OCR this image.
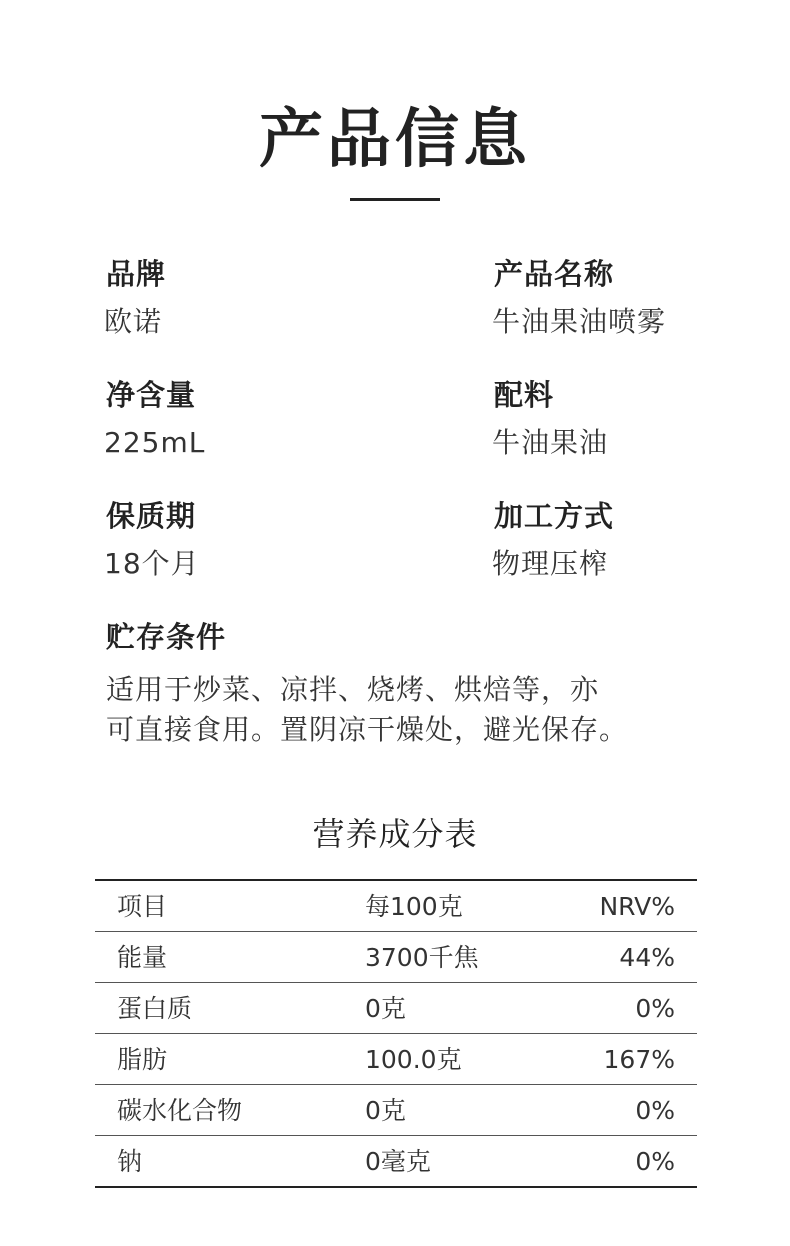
产品信息
品牌
欧诺
产品名称
牛油果油喷雾
净含量
225mL
配料
牛油果油
保质期
18个月
加工方式
物理压榨
贮存条件
适用于炒菜、凉拌、烧烤、烘焙等，亦
可直接食用。置阴凉干燥处，避光保存。
营养成分表
项目	每100克	NRV%
能量	3700千焦	44%
蛋白质	0克	0%
脂肪	100.0克	167%
碳水化合物	0克	0%
钠	0毫克	0%
